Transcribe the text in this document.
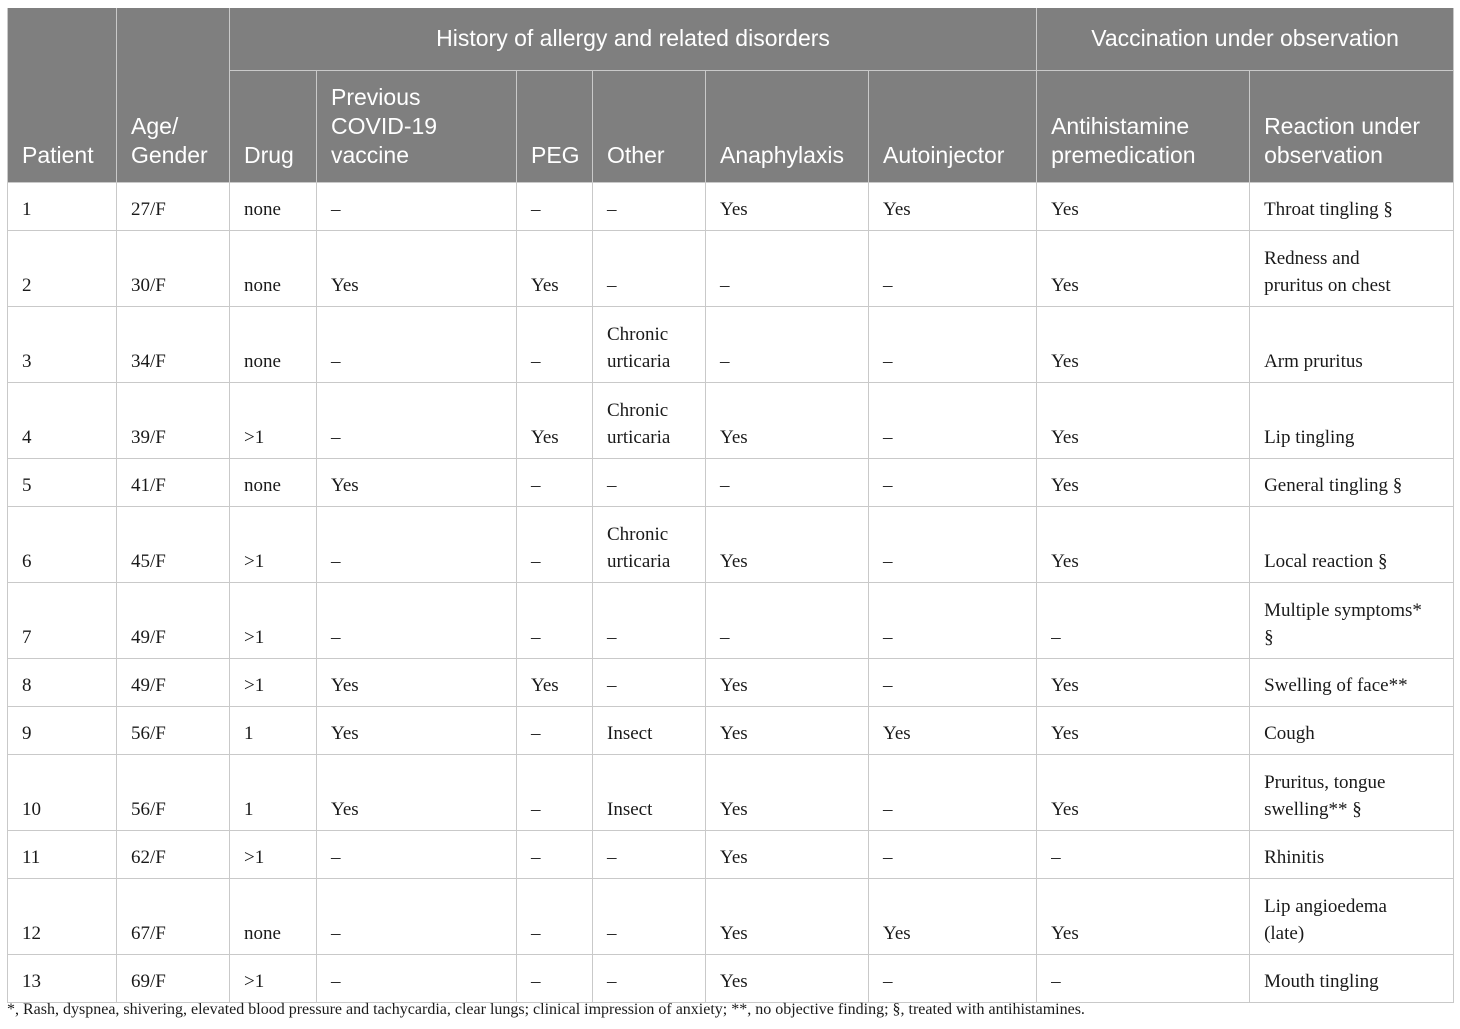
		History of allergy and related disorders						Vaccination under observation	
Patient	Age/
Gender	Drug	Previous
COVID-19
vaccine	PEG	Other	Anaphylaxis	Autoinjector	Antihistamine
premedication	Reaction under
observation
1	27/F	none	–	–	–	Yes	Yes	Yes	Throat tingling §
2	30/F	none	Yes	Yes	–	–	–	Yes	Redness and
pruritus on chest
3	34/F	none	–	–	Chronic
urticaria	–	–	Yes	Arm pruritus
4	39/F	>1	–	Yes	Chronic
urticaria	Yes	–	Yes	Lip tingling
5	41/F	none	Yes	–	–	–	–	Yes	General tingling §
6	45/F	>1	–	–	Chronic
urticaria	Yes	–	Yes	Local reaction §
7	49/F	>1	–	–	–	–	–	–	Multiple symptoms*
§
8	49/F	>1	Yes	Yes	–	Yes	–	Yes	Swelling of face**
9	56/F	1	Yes	–	Insect	Yes	Yes	Yes	Cough
10	56/F	1	Yes	–	Insect	Yes	–	Yes	Pruritus, tongue
swelling** §
11	62/F	>1	–	–	–	Yes	–	–	Rhinitis
12	67/F	none	–	–	–	Yes	Yes	Yes	Lip angioedema
(late)
13	69/F	>1	–	–	–	Yes	–	–	Mouth tingling
*, Rash, dyspnea, shivering, elevated blood pressure and tachycardia, clear lungs; clinical impression of anxiety; **, no objective finding; §, treated with antihistamines.
